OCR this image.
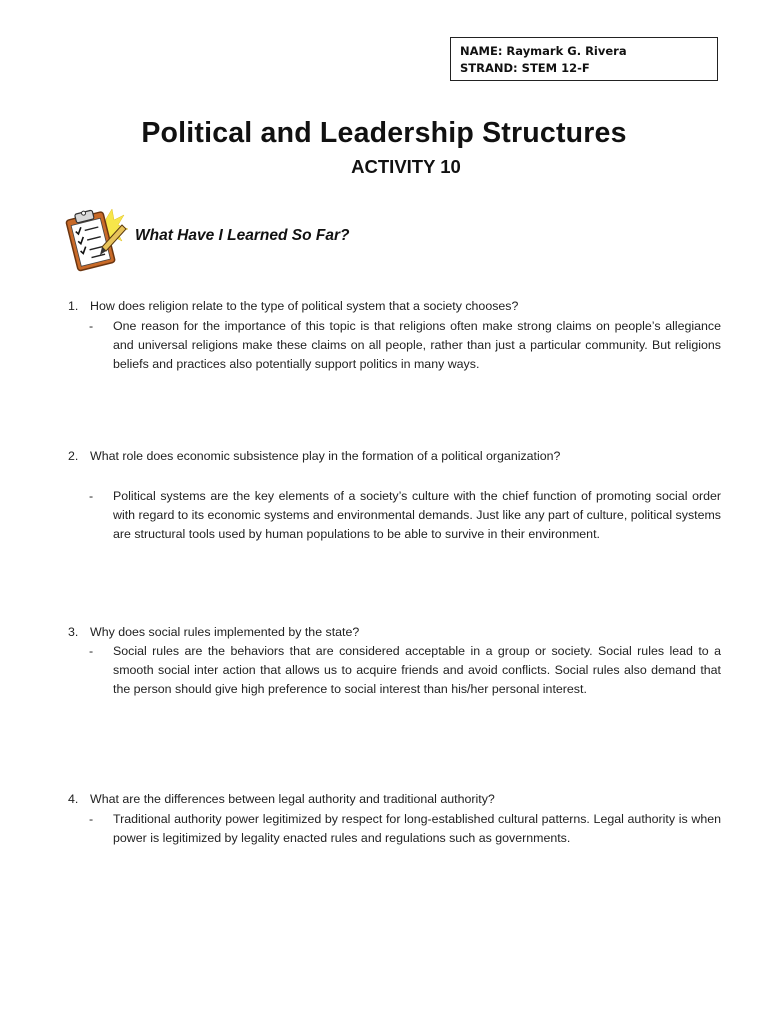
NAME: Raymark G. Rivera
STRAND: STEM 12-F
Political and Leadership Structures
ACTIVITY 10
What Have I Learned So Far?
1. How does religion relate to the type of political system that a society chooses?
- One reason for the importance of this topic is that religions often make strong claims on people’s allegiance and universal religions make these claims on all people, rather than just a particular community. But religions beliefs and practices also potentially support politics in many ways.
2. What role does economic subsistence play in the formation of a political organization?
- Political systems are the key elements of a society’s culture with the chief function of promoting social order with regard to its economic systems and environmental demands. Just like any part of culture, political systems are structural tools used by human populations to be able to survive in their environment.
3. Why does social rules implemented by the state?
- Social rules are the behaviors that are considered acceptable in a group or society. Social rules lead to a smooth social inter action that allows us to acquire friends and avoid conflicts. Social rules also demand that the person should give high preference to social interest than his/her personal interest.
4. What are the differences between legal authority and traditional authority?
- Traditional authority power legitimized by respect for long-established cultural patterns. Legal authority is when power is legitimized by legality enacted rules and regulations such as governments.
